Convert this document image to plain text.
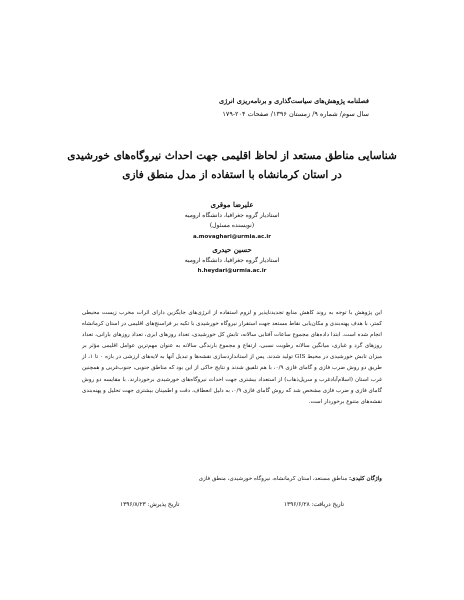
فصلنامه پژوهش‌های سیاست‌گذاری و برنامه‌ریزی انرژی
سال سوم/ شماره ۹/ زمستان ۱۳۹۶/ صفحات ۲۰۴-۱۷۹
شناسایی مناطق مستعد از لحاظ اقلیمی جهت احداث نیروگاه‌های خورشیدی
در استان کرمانشاه با استفاده از مدل منطق فازی
علیرضا موقری
استادیار گروه جغرافیا، دانشگاه ارومیه
(نویسنده مسئول)
a.movaghari@urmia.ac.ir
حسین حیدری
استادیار گروه جغرافیا، دانشگاه ارومیه
h.heydari@urmia.ac.ir
این پژوهش با توجه به روند کاهش منابع تجدیدناپذیر و لزوم استفاده از انرژی‌های جایگزین دارای اثرات مخرب زیست محیطی کمتر، با هدف پهنه‌بندی و مکان‌یابی نقاط مستعد جهت استقرار نیروگاه خورشیدی با تکیه بر فراسنج‌های اقلیمی در استان کرمانشاه انجام شده است. ابتدا داده‌های مجموع ساعات آفتابی سالانه، تابش کل خورشیدی، تعداد روزهای ابری، تعداد روزهای بارانی، تعداد روزهای گرد و غباری، میانگین سالانه رطوبت نسبی، ارتفاع و مجموع بارندگی سالانه به عنوان مهم‌ترین عوامل اقلیمی مؤثر بر میزان تابش خورشیدی در محیط GIS تولید شدند. پس از استانداردسازی نقشه‌ها و تبدیل آنها به لایه‌های ارزشی در بازه ۰ تا ۱، از طریق دو روش ضرب فازی و گامای فازی ۰/۹، با هم تلفیق شدند و نتایج حاکی از این بود که مناطق جنوبی، جنوب‌غربی و همچنین غرب استان (اسلام‌آبادغرب و سرپل‌ذهاب) از استعداد بیشتری جهت احداث نیروگاه‌های خورشیدی برخوردارند. با مقایسه دو روش گامای فازی و ضرب فازی مشخص شد که روش گامای فازی ۰/۹، به دلیل انعطاف، دقت و اطمینان بیشتری جهت تحلیل و پهنه‌بندی نقشه‌های متنوع برخوردار است.
واژگان کلیدی: مناطق مستعد، استان کرمانشاه، نیروگاه خورشیدی، منطق فازی
تاریخ دریافت: ۱۳۹۶/۶/۲۸
تاریخ پذیرش: ۱۳۹۶/۸/۲۳
